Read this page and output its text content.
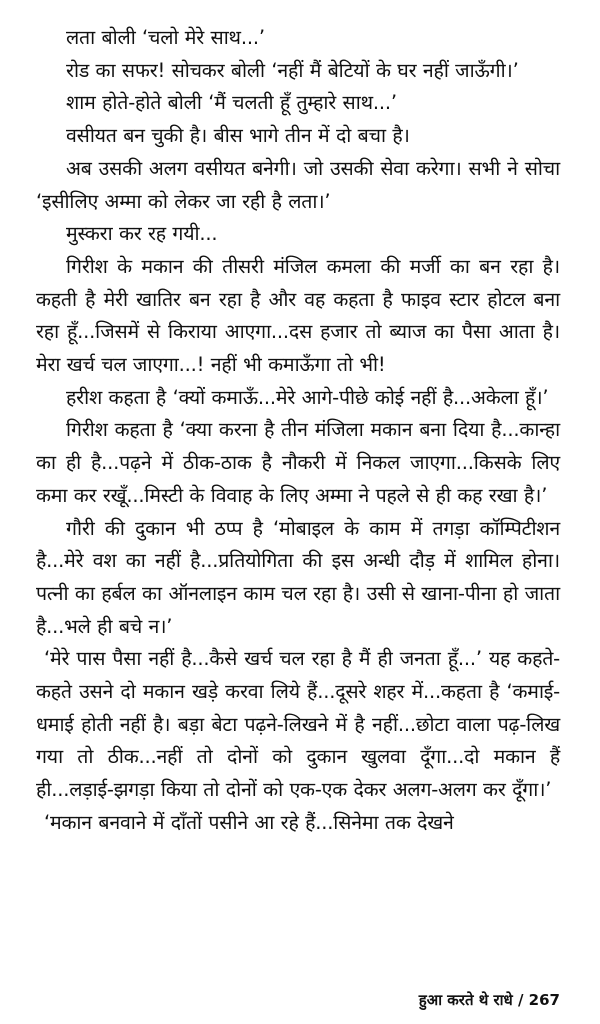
लता बोली ‘चलो मेरे साथ...’

रोड का सफर! सोचकर बोली ‘नहीं मैं बेटियों के घर नहीं जाऊँगी।’

शाम होते-होते बोली ‘मैं चलती हूँ तुम्हारे साथ...’

वसीयत बन चुकी है। बीस भागे तीन में दो बचा है।

अब उसकी अलग वसीयत बनेगी। जो उसकी सेवा करेगा। सभी ने सोचा ‘इसीलिए अम्मा को लेकर जा रही है लता।’

मुस्करा कर रह गयी...

गिरीश के मकान की तीसरी मंजिल कमला की मर्जी का बन रहा है। कहती है मेरी खातिर बन रहा है और वह कहता है फाइव स्टार होटल बना रहा हूँ...जिसमें से किराया आएगा...दस हजार तो ब्याज का पैसा आता है। मेरा खर्च चल जाएगा...! नहीं भी कमाऊँगा तो भी!

हरीश कहता है ‘क्यों कमाऊँ...मेरे आगे-पीछे कोई नहीं है...अकेला हूँ।’

गिरीश कहता है ‘क्या करना है तीन मंजिला मकान बना दिया है...कान्हा का ही है...पढ़ने में ठीक-ठाक है नौकरी में निकल जाएगा...किसके लिए कमा कर रखूँ...मिस्टी के विवाह के लिए अम्मा ने पहले से ही कह रखा है।’

गौरी की दुकान भी ठप्प है ‘मोबाइल के काम में तगड़ा कॉम्पिटीशन है...मेरे वश का नहीं है...प्रतियोगिता की इस अन्धी दौड़ में शामिल होना। पत्नी का हर्बल का ऑनलाइन काम चल रहा है। उसी से खाना-पीना हो जाता है...भले ही बचे न।’

‘मेरे पास पैसा नहीं है...कैसे खर्च चल रहा है मैं ही जनता हूँ...’ यह कहते-कहते उसने दो मकान खड़े करवा लिये हैं...दूसरे शहर में...कहता है ‘कमाई-धमाई होती नहीं है। बड़ा बेटा पढ़ने-लिखने में है नहीं...छोटा वाला पढ़-लिख गया तो ठीक...नहीं तो दोनों को दुकान खुलवा दूँगा...दो मकान हैं ही...लड़ाई-झगड़ा किया तो दोनों को एक-एक देकर अलग-अलग कर दूँगा।’

‘मकान बनवाने में दाँतों पसीने आ रहे हैं...सिनेमा तक देखने

हुआ करते थे राधे / 267
